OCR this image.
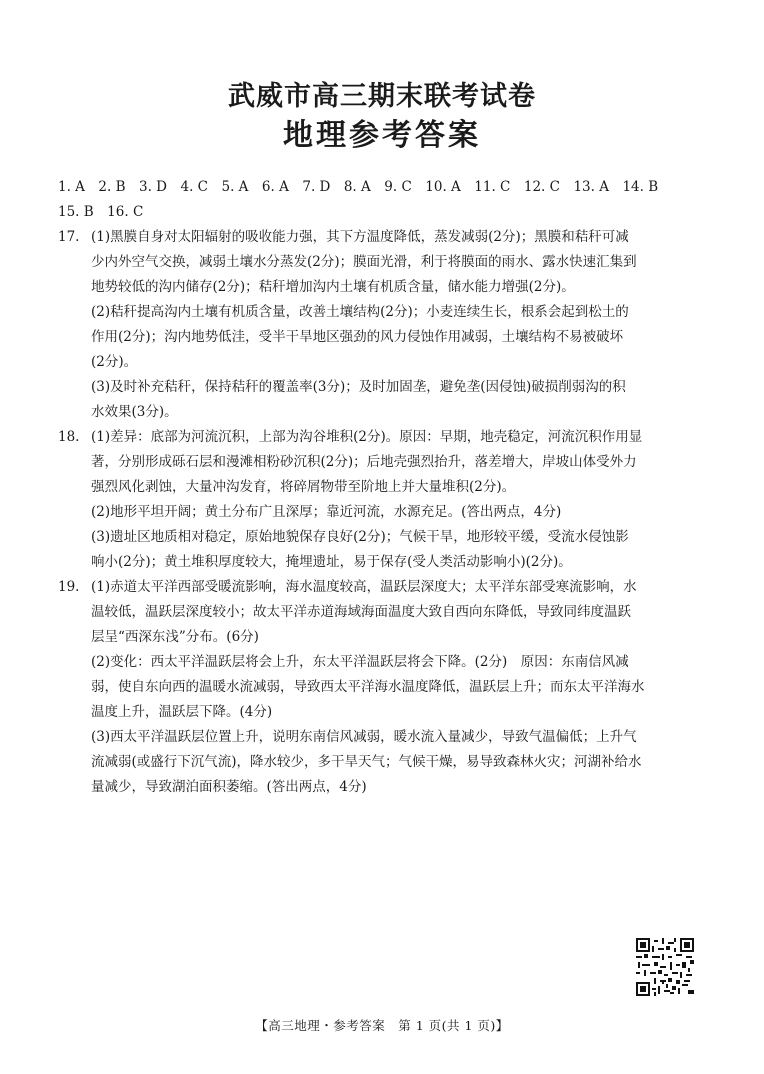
武威市高三期末联考试卷
地理参考答案
1. A　2. B　3. D　4. C　5. A　6. A　7. D　8. A　9. C　10. A　11. C　12. C　13. A　14. B
15. B　16. C
17. (1)黑膜自身对太阳辐射的吸收能力强，其下方温度降低，蒸发减弱(2分)；黑膜和秸秆可减
少内外空气交换，减弱土壤水分蒸发(2分)；膜面光滑，利于将膜面的雨水、露水快速汇集到
地势较低的沟内储存(2分)；秸秆增加沟内土壤有机质含量，储水能力增强(2分)。
(2)秸秆提高沟内土壤有机质含量，改善土壤结构(2分)；小麦连续生长，根系会起到松土的
作用(2分)；沟内地势低洼，受半干旱地区强劲的风力侵蚀作用减弱，土壤结构不易被破坏
(2分)。
(3)及时补充秸秆，保持秸秆的覆盖率(3分)；及时加固垄，避免垄(因侵蚀)破损削弱沟的积
水效果(3分)。
18. (1)差异：底部为河流沉积，上部为沟谷堆积(2分)。原因：早期，地壳稳定，河流沉积作用显
著，分别形成砾石层和漫滩相粉砂沉积(2分)；后地壳强烈抬升，落差增大，岸坡山体受外力
强烈风化剥蚀，大量冲沟发育，将碎屑物带至阶地上并大量堆积(2分)。
(2)地形平坦开阔；黄土分布广且深厚；靠近河流，水源充足。(答出两点，4分)
(3)遗址区地质相对稳定，原始地貌保存良好(2分)；气候干旱，地形较平缓，受流水侵蚀影
响小(2分)；黄土堆积厚度较大，掩埋遗址，易于保存(受人类活动影响小)(2分)。
19. (1)赤道太平洋西部受暖流影响，海水温度较高，温跃层深度大；太平洋东部受寒流影响，水
温较低，温跃层深度较小；故太平洋赤道海域海面温度大致自西向东降低，导致同纬度温跃
层呈“西深东浅”分布。(6分)
(2)变化：西太平洋温跃层将会上升，东太平洋温跃层将会下降。(2分)　原因：东南信风减
弱，使自东向西的温暖水流减弱，导致西太平洋海水温度降低，温跃层上升；而东太平洋海水
温度上升，温跃层下降。(4分)
(3)西太平洋温跃层位置上升，说明东南信风减弱，暖水流入量减少，导致气温偏低；上升气
流减弱(或盛行下沉气流)，降水较少，多干旱天气；气候干燥，易导致森林火灾；河湖补给水
量减少，导致湖泊面积萎缩。(答出两点，4分)
【高三地理・参考答案　第 1 页(共 1 页)】
